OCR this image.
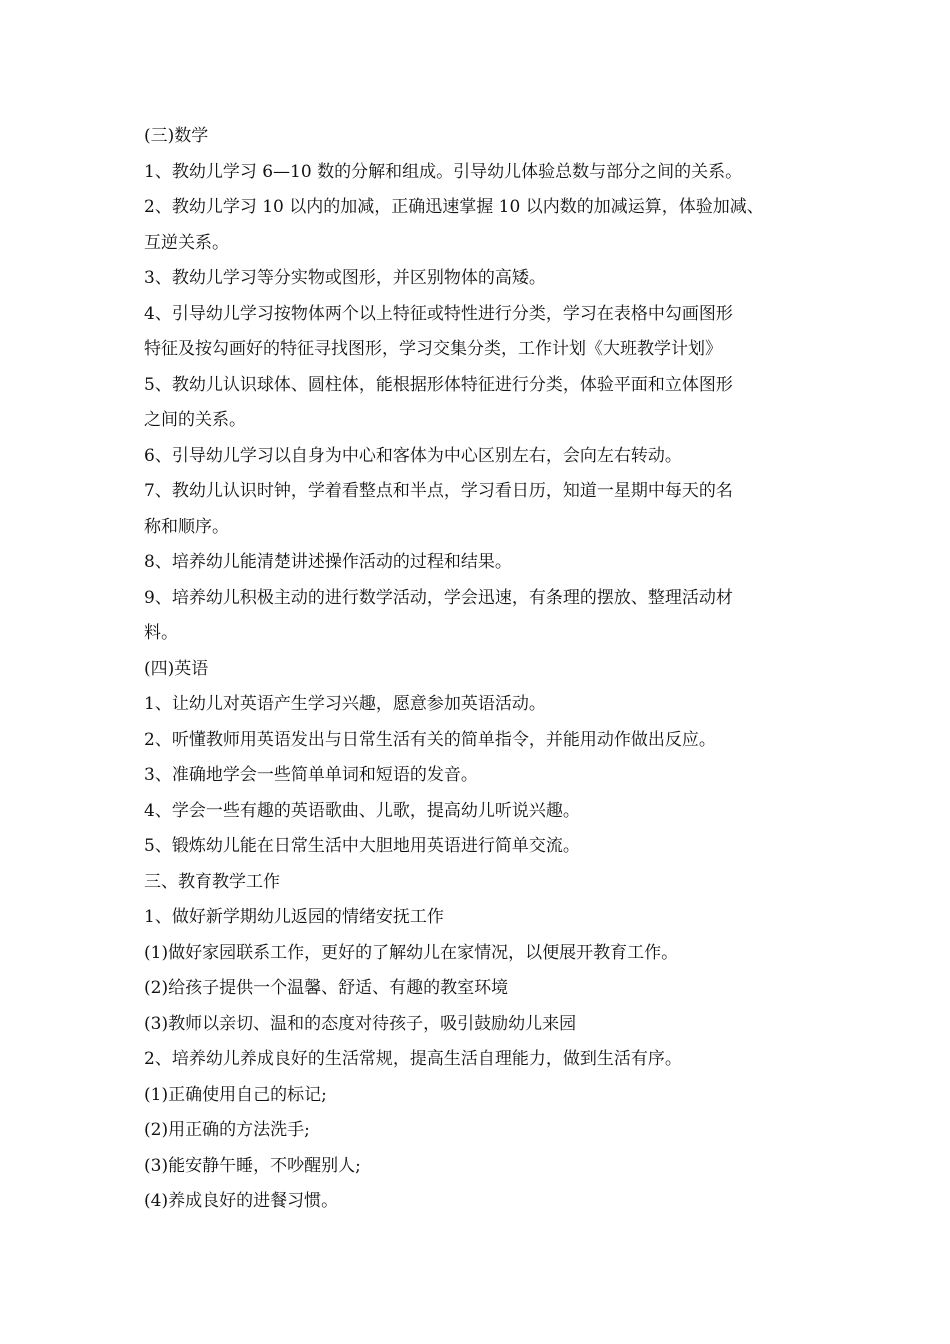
(三)数学

1、教幼儿学习 6—10 数的分解和组成。引导幼儿体验总数与部分之间的关系。

2、教幼儿学习 10 以内的加减，正确迅速掌握 10 以内数的加减运算，体验加减、

互逆关系。

3、教幼儿学习等分实物或图形，并区别物体的高矮。

4、引导幼儿学习按物体两个以上特征或特性进行分类，学习在表格中勾画图形

特征及按勾画好的特征寻找图形，学习交集分类，工作计划《大班教学计划》

5、教幼儿认识球体、圆柱体，能根据形体特征进行分类，体验平面和立体图形

之间的关系。

6、引导幼儿学习以自身为中心和客体为中心区别左右，会向左右转动。

7、教幼儿认识时钟，学着看整点和半点，学习看日历，知道一星期中每天的名

称和顺序。

8、培养幼儿能清楚讲述操作活动的过程和结果。

9、培养幼儿积极主动的进行数学活动，学会迅速，有条理的摆放、整理活动材

料。

(四)英语

1、让幼儿对英语产生学习兴趣，愿意参加英语活动。

2、听懂教师用英语发出与日常生活有关的简单指令，并能用动作做出反应。

3、准确地学会一些简单单词和短语的发音。

4、学会一些有趣的英语歌曲、儿歌，提高幼儿听说兴趣。

5、锻炼幼儿能在日常生活中大胆地用英语进行简单交流。

三、教育教学工作

1、做好新学期幼儿返园的情绪安抚工作

(1)做好家园联系工作，更好的了解幼儿在家情况，以便展开教育工作。

(2)给孩子提供一个温馨、舒适、有趣的教室环境

(3)教师以亲切、温和的态度对待孩子，吸引鼓励幼儿来园

2、培养幼儿养成良好的生活常规，提高生活自理能力，做到生活有序。

(1)正确使用自己的标记;

(2)用正确的方法洗手;

(3)能安静午睡，不吵醒别人;

(4)养成良好的进餐习惯。
